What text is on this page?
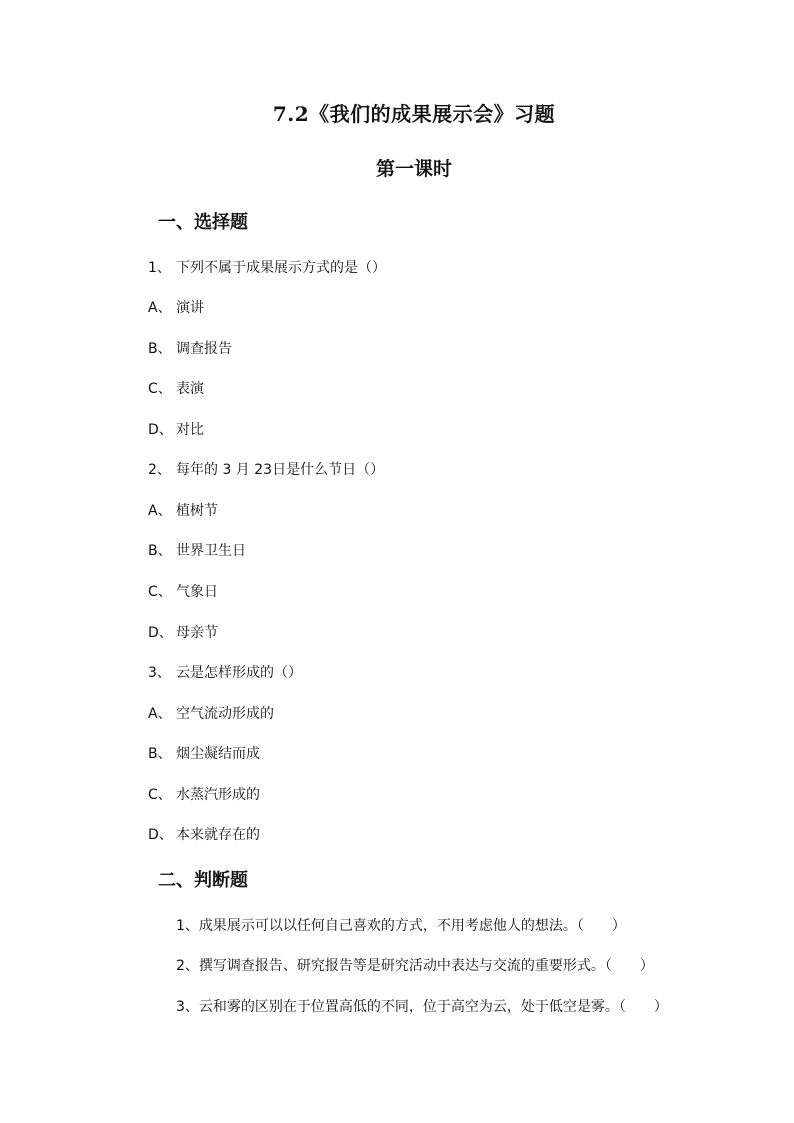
7.2《我们的成果展示会》习题
第一课时
一、选择题
1、 下列不属于成果展示方式的是（）
A、 演讲
B、 调查报告
C、 表演
D、 对比
2、 每年的 3 月 23日是什么节日（）
A、 植树节
B、 世界卫生日
C、 气象日
D、 母亲节
3、 云是怎样形成的（）
A、 空气流动形成的
B、 烟尘凝结而成
C、 水蒸汽形成的
D、 本来就存在的
二、判断题
1、成果展示可以以任何自己喜欢的方式，不用考虑他人的想法。（　　）
2、撰写调查报告、研究报告等是研究活动中表达与交流的重要形式。（　　）
3、云和雾的区别在于位置高低的不同，位于高空为云，处于低空是雾。（　　）
